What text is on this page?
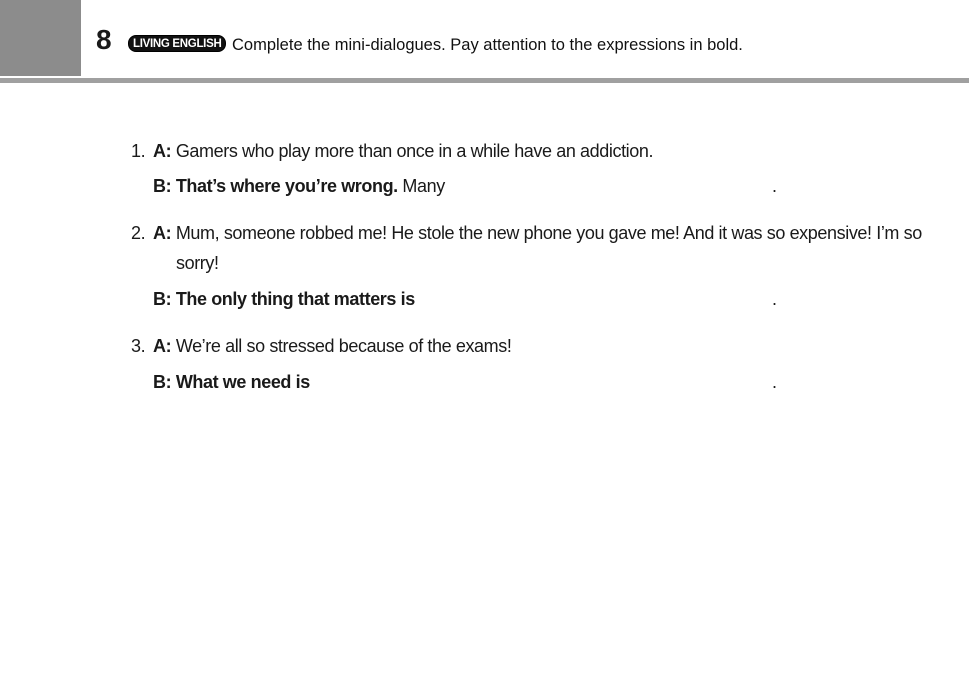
8	LIVING ENGLISH Complete the mini-dialogues. Pay attention to the expressions in bold.
1. A: Gamers who play more than once in a while have an addiction.
B: That’s where you’re wrong. Many	.
2. A: Mum, someone robbed me! He stole the new phone you gave me! And it was so expensive! I’m so
sorry!
B: The only thing that matters is	.
3. A: We’re all so stressed because of the exams!
B: What we need is	.
